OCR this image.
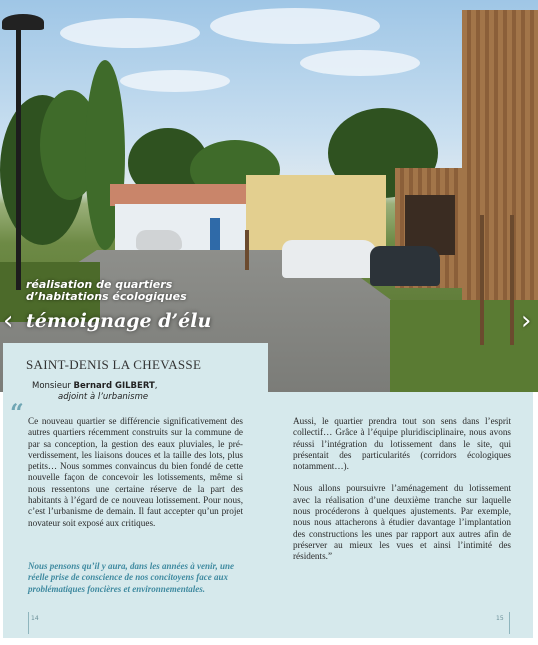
réalisation de quartiers
d’habitations écologiques
témoignage d’élu
‹	›
SAINT-DENIS LA CHEVASSE
Monsieur Bernard GILBERT,
adjoint à l’urbanisme
“ Ce nouveau quartier se différencie significativement des autres quartiers récemment construits sur la commune de par sa conception, la gestion des eaux pluviales, le pré-verdissement, les liaisons douces et la taille des lots, plus petits… Nous sommes convaincus du bien fondé de cette nouvelle façon de concevoir les lotissements, même si nous ressentons une certaine réserve de la part des habitants à l’égard de ce nouveau lotissement. Pour nous, c’est l’urbanisme de demain. Il faut accepter qu’un projet novateur soit exposé aux critiques.

Nous pensons qu’il y aura, dans les années à venir, une réelle prise de conscience de nos concitoyens face aux problématiques foncières et environnementales.

Aussi, le quartier prendra tout son sens dans l’esprit collectif… Grâce à l’équipe pluridisciplinaire, nous avons réussi l’intégration du lotissement dans le site, qui présentait des particularités (corridors écologiques notamment…).

Nous allons poursuivre l’aménagement du lotissement avec la réalisation d’une deuxième tranche sur laquelle nous procéderons à quelques ajustements. Par exemple, nous nous attacherons à étudier davantage l’implantation des constructions les unes par rapport aux autres afin de préserver au mieux les vues et ainsi l’intimité des résidents.”

14	15
